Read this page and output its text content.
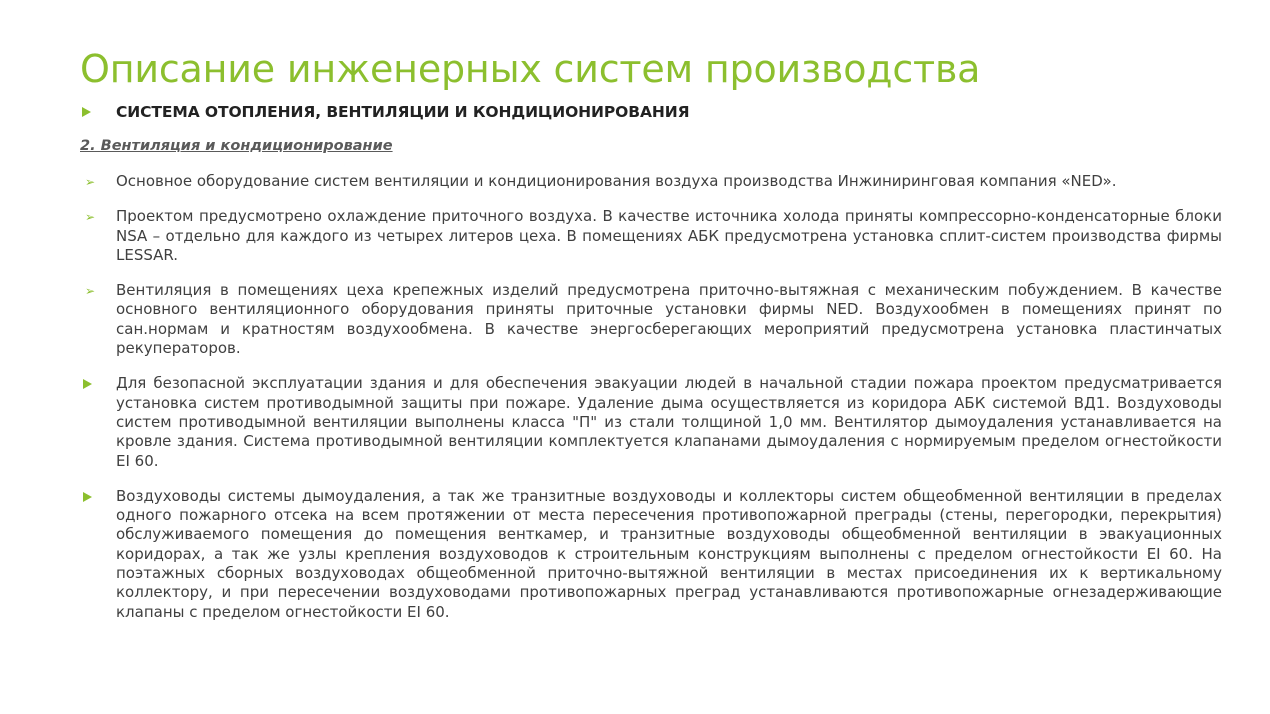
Описание инженерных систем производства
СИСТЕМА ОТОПЛЕНИЯ, ВЕНТИЛЯЦИИ И КОНДИЦИОНИРОВАНИЯ
2. Вентиляция и кондиционирование
➢ Основное оборудование систем вентиляции и кондиционирования воздуха производства Инжиниринговая компания «NED».
➢ Проектом предусмотрено охлаждение приточного воздуха. В качестве источника холода приняты компрессорно-конденсаторные блоки NSA – отдельно для каждого из четырех литеров цеха. В помещениях АБК предусмотрена установка сплит-систем производства фирмы LESSAR.
➢ Вентиляция в помещениях цеха крепежных изделий предусмотрена приточно-вытяжная с механическим побуждением. В качестве основного вентиляционного оборудования приняты приточные установки фирмы NED. Воздухообмен в помещениях принят по сан.нормам и кратностям воздухообмена. В качестве энергосберегающих мероприятий предусмотрена установка пластинчатых рекуператоров.
Для безопасной эксплуатации здания и для обеспечения эвакуации людей в начальной стадии пожара проектом предусматривается установка систем противодымной защиты при пожаре. Удаление дыма осуществляется из коридора АБК системой ВД1. Воздуховоды систем противодымной вентиляции выполнены класса "П" из стали толщиной 1,0 мм. Вентилятор дымоудаления устанавливается на кровле здания. Система противодымной вентиляции комплектуется клапанами дымоудаления с нормируемым пределом огнестойкости EI 60.
Воздуховоды системы дымоудаления, а так же транзитные воздуховоды и коллекторы систем общеобменной вентиляции в пределах одного пожарного отсека на всем протяжении от места пересечения противопожарной преграды (стены, перегородки, перекрытия) обслуживаемого помещения до помещения венткамер, и транзитные воздуховоды общеобменной вентиляции в эвакуационных коридорах, а так же узлы крепления воздуховодов к строительным конструкциям выполнены с пределом огнестойкости EI 60. На поэтажных сборных воздуховодах общеобменной приточно-вытяжной вентиляции в местах присоединения их к вертикальному коллектору, и при пересечении воздуховодами противопожарных преград устанавливаются противопожарные огнезадерживающие клапаны с пределом огнестойкости EI 60.
